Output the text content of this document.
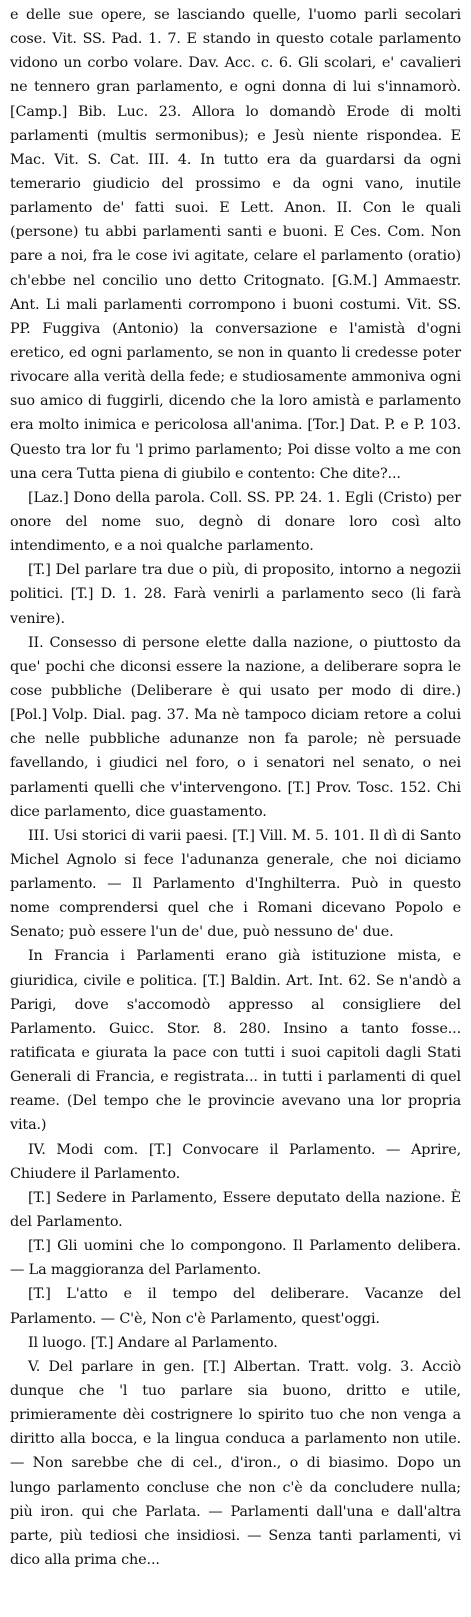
e delle sue opere, se lasciando quelle, l'uomo parli secolari cose. Vit. SS. Pad. 1. 7. E stando in questo cotale parlamento vidono un corbo volare. Dav. Acc. c. 6. Gli scolari, e' cavalieri ne tennero gran parlamento, e ogni donna di lui s'innamorò. [Camp.] Bib. Luc. 23. Allora lo domandò Erode di molti parlamenti (multis sermonibus); e Jesù niente rispondea. E Mac. Vit. S. Cat. III. 4. In tutto era da guardarsi da ogni temerario giudicio del prossimo e da ogni vano, inutile parlamento de' fatti suoi. E Lett. Anon. II. Con le quali (persone) tu abbi parlamenti santi e buoni. E Ces. Com. Non pare a noi, fra le cose ivi agitate, celare el parlamento (oratio) ch'ebbe nel concilio uno detto Critognato. [G.M.] Ammaestr. Ant. Li mali parlamenti corrompono i buoni costumi. Vit. SS. PP. Fuggiva (Antonio) la conversazione e l'amistà d'ogni eretico, ed ogni parlamento, se non in quanto li credesse poter rivocare alla verità della fede; e studiosamente ammoniva ogni suo amico di fuggirli, dicendo che la loro amistà e parlamento era molto inimica e pericolosa all'anima. [Tor.] Dat. P. e P. 103. Questo tra lor fu 'l primo parlamento; Poi disse volto a me con una cera Tutta piena di giubilo e contento: Che dite?...

[Laz.] Dono della parola. Coll. SS. PP. 24. 1. Egli (Cristo) per onore del nome suo, degnò di donare loro così alto intendimento, e a noi qualche parlamento.

[T.] Del parlare tra due o più, di proposito, intorno a negozii politici. [T.] D. 1. 28. Farà venirli a parlamento seco (li farà venire).

II. Consesso di persone elette dalla nazione, o piuttosto da que' pochi che diconsi essere la nazione, a deliberare sopra le cose pubbliche (Deliberare è qui usato per modo di dire.) [Pol.] Volp. Dial. pag. 37. Ma nè tampoco diciam retore a colui che nelle pubbliche adunanze non fa parole; nè persuade favellando, i giudici nel foro, o i senatori nel senato, o nei parlamenti quelli che v'intervengono. [T.] Prov. Tosc. 152. Chi dice parlamento, dice guastamento.

III. Usi storici di varii paesi. [T.] Vill. M. 5. 101. Il dì di Santo Michel Agnolo si fece l'adunanza generale, che noi diciamo parlamento. — Il Parlamento d'Inghilterra. Può in questo nome comprendersi quel che i Romani dicevano Popolo e Senato; può essere l'un de' due, può nessuno de' due.

In Francia i Parlamenti erano già istituzione mista, e giuridica, civile e politica. [T.] Baldin. Art. Int. 62. Se n'andò a Parigi, dove s'accomodò appresso al consigliere del Parlamento. Guicc. Stor. 8. 280. Insino a tanto fosse... ratificata e giurata la pace con tutti i suoi capitoli dagli Stati Generali di Francia, e registrata... in tutti i parlamenti di quel reame. (Del tempo che le provincie avevano una lor propria vita.)

IV. Modi com. [T.] Convocare il Parlamento. — Aprire, Chiudere il Parlamento.

[T.] Sedere in Parlamento, Essere deputato della nazione. È del Parlamento.

[T.] Gli uomini che lo compongono. Il Parlamento delibera. — La maggioranza del Parlamento.

[T.] L'atto e il tempo del deliberare. Vacanze del Parlamento. — C'è, Non c'è Parlamento, quest'oggi.

Il luogo. [T.] Andare al Parlamento.

V. Del parlare in gen. [T.] Albertan. Tratt. volg. 3. Acciò dunque che 'l tuo parlare sia buono, dritto e utile, primieramente dèi costrignere lo spirito tuo che non venga a diritto alla bocca, e la lingua conduca a parlamento non utile. — Non sarebbe che di cel., d'iron., o di biasimo. Dopo un lungo parlamento concluse che non c'è da concludere nulla; più iron. qui che Parlata. — Parlamenti dall'una e dall'altra parte, più tediosi che insidiosi. — Senza tanti parlamenti, vi dico alla prima che...
